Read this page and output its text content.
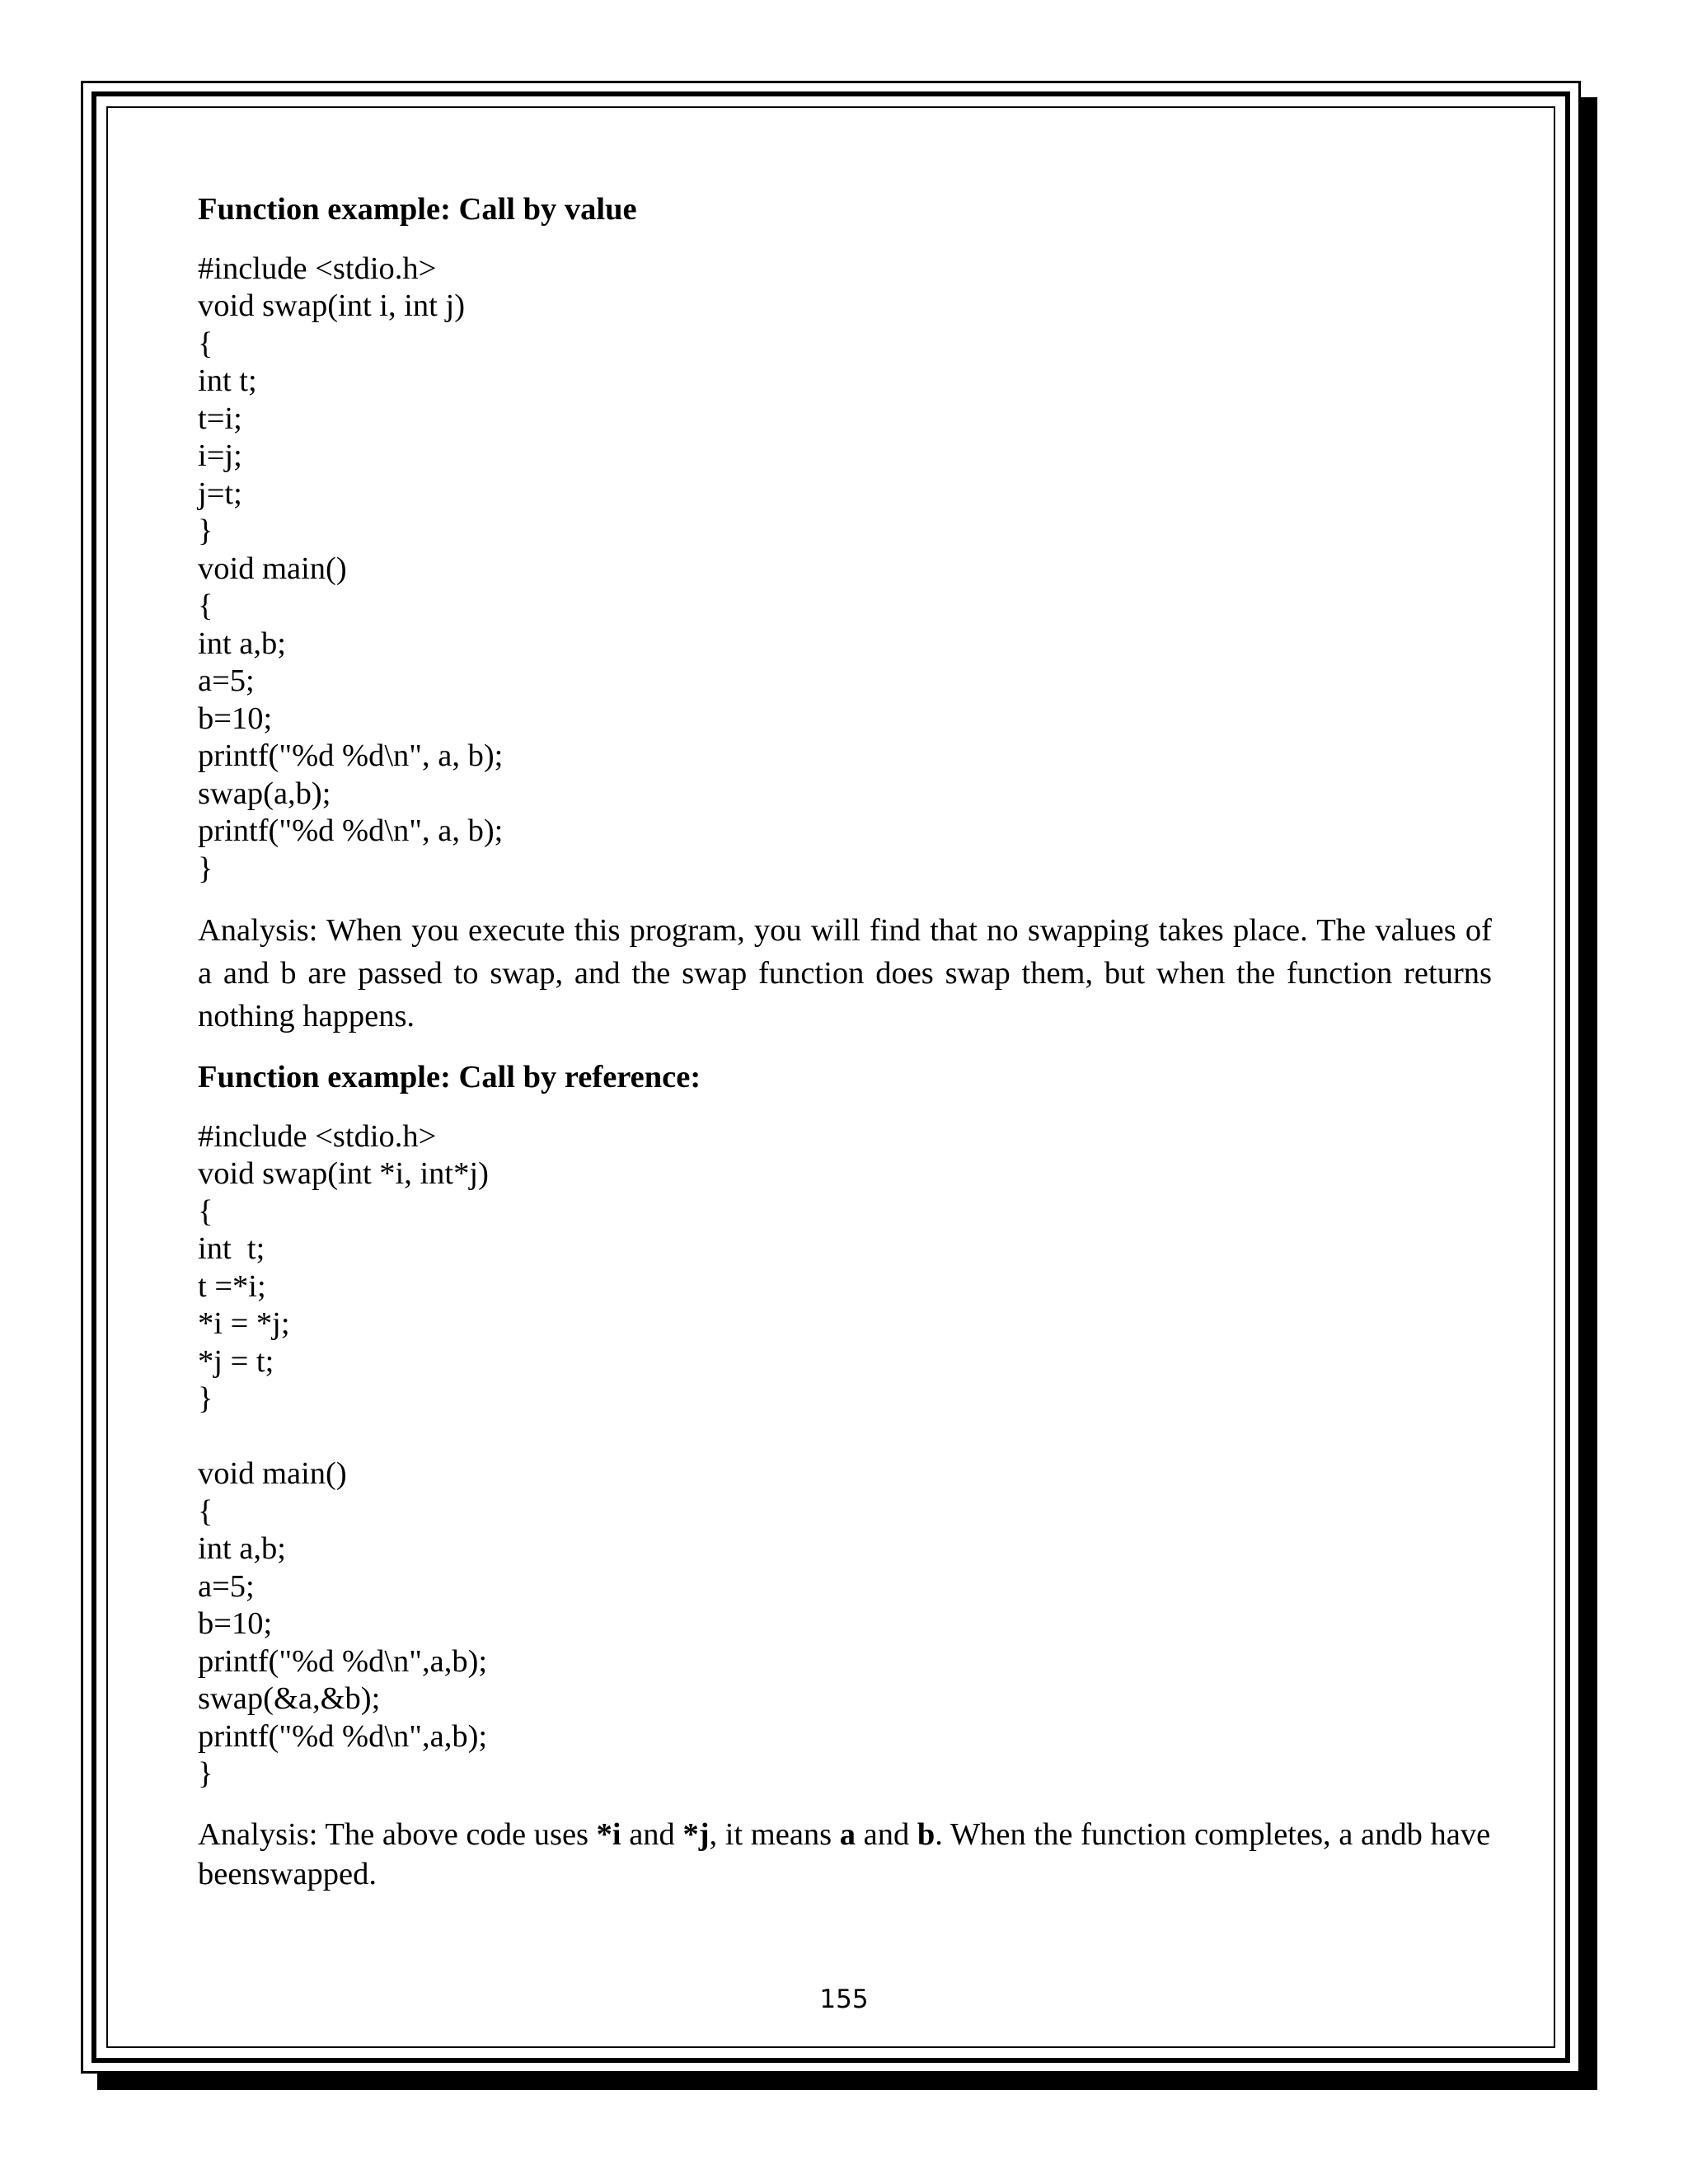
Function example: Call by value
#include <stdio.h>
void swap(int i, int j)
{
int t;
t=i;
i=j;
j=t;
}
void main()
{
int a,b;
a=5;
b=10;
printf("%d %d\n", a, b);
swap(a,b);
printf("%d %d\n", a, b);
}

Analysis: When you execute this program, you will find that no swapping takes place. The values of a and b are passed to swap, and the swap function does swap them, but when the function returns nothing happens.

Function example: Call by reference:
#include <stdio.h>
void swap(int *i, int*j)
{
int  t;
t =*i;
*i = *j;
*j = t;
}
void main()
{
int a,b;
a=5;
b=10;
printf("%d %d\n",a,b);
swap(&a,&b);
printf("%d %d\n",a,b);
}

Analysis: The above code uses *i and *j, it means a and b. When the function completes, a andb have beenswapped.

155
